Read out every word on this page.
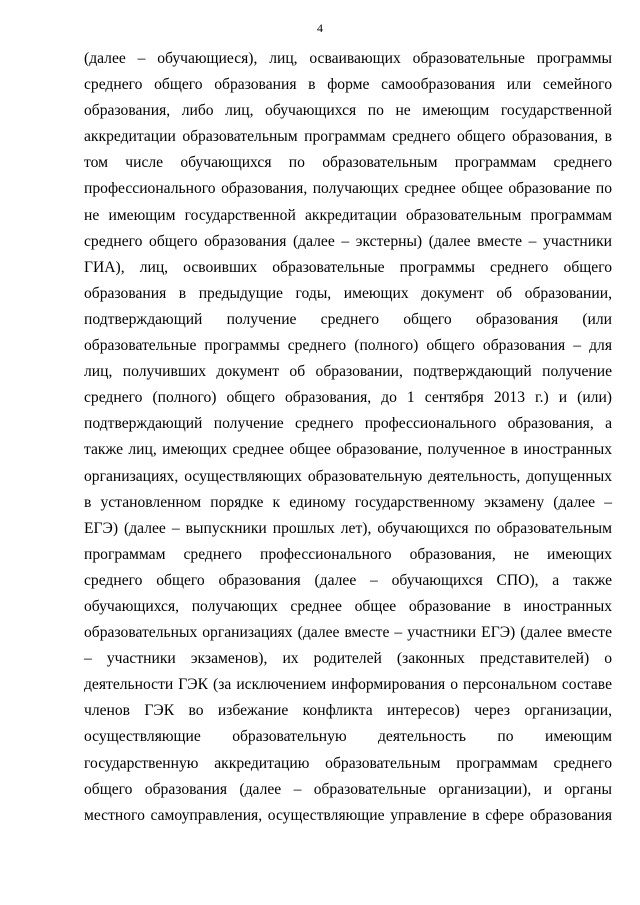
4
(далее – обучающиеся), лиц, осваивающих образовательные программы
среднего общего образования в форме самообразования или семейного
образования, либо лиц, обучающихся по не имеющим государственной
аккредитации образовательным программам среднего общего образования, в
том числе обучающихся по образовательным программам среднего
профессионального образования, получающих среднее общее образование по
не имеющим государственной аккредитации образовательным программам
среднего общего образования (далее – экстерны) (далее вместе – участники
ГИА), лиц, освоивших образовательные программы среднего общего
образования в предыдущие годы, имеющих документ об образовании,
подтверждающий получение среднего общего образования (или
образовательные программы среднего (полного) общего образования – для
лиц, получивших документ об образовании, подтверждающий получение
среднего (полного) общего образования, до 1 сентября 2013 г.) и (или)
подтверждающий получение среднего профессионального образования, а
также лиц, имеющих среднее общее образование, полученное в иностранных
организациях, осуществляющих образовательную деятельность, допущенных
в установленном порядке к единому государственному экзамену (далее –
ЕГЭ) (далее – выпускники прошлых лет), обучающихся по образовательным
программам среднего профессионального образования, не имеющих
среднего общего образования (далее – обучающихся СПО), а также
обучающихся, получающих среднее общее образование в иностранных
образовательных организациях (далее вместе – участники ЕГЭ) (далее вместе
– участники экзаменов), их родителей (законных представителей) о
деятельности ГЭК (за исключением информирования о персональном составе
членов ГЭК во избежание конфликта интересов) через организации,
осуществляющие образовательную деятельность по имеющим
государственную аккредитацию образовательным программам среднего
общего образования (далее – образовательные организации), и органы
местного самоуправления, осуществляющие управление в сфере образования
